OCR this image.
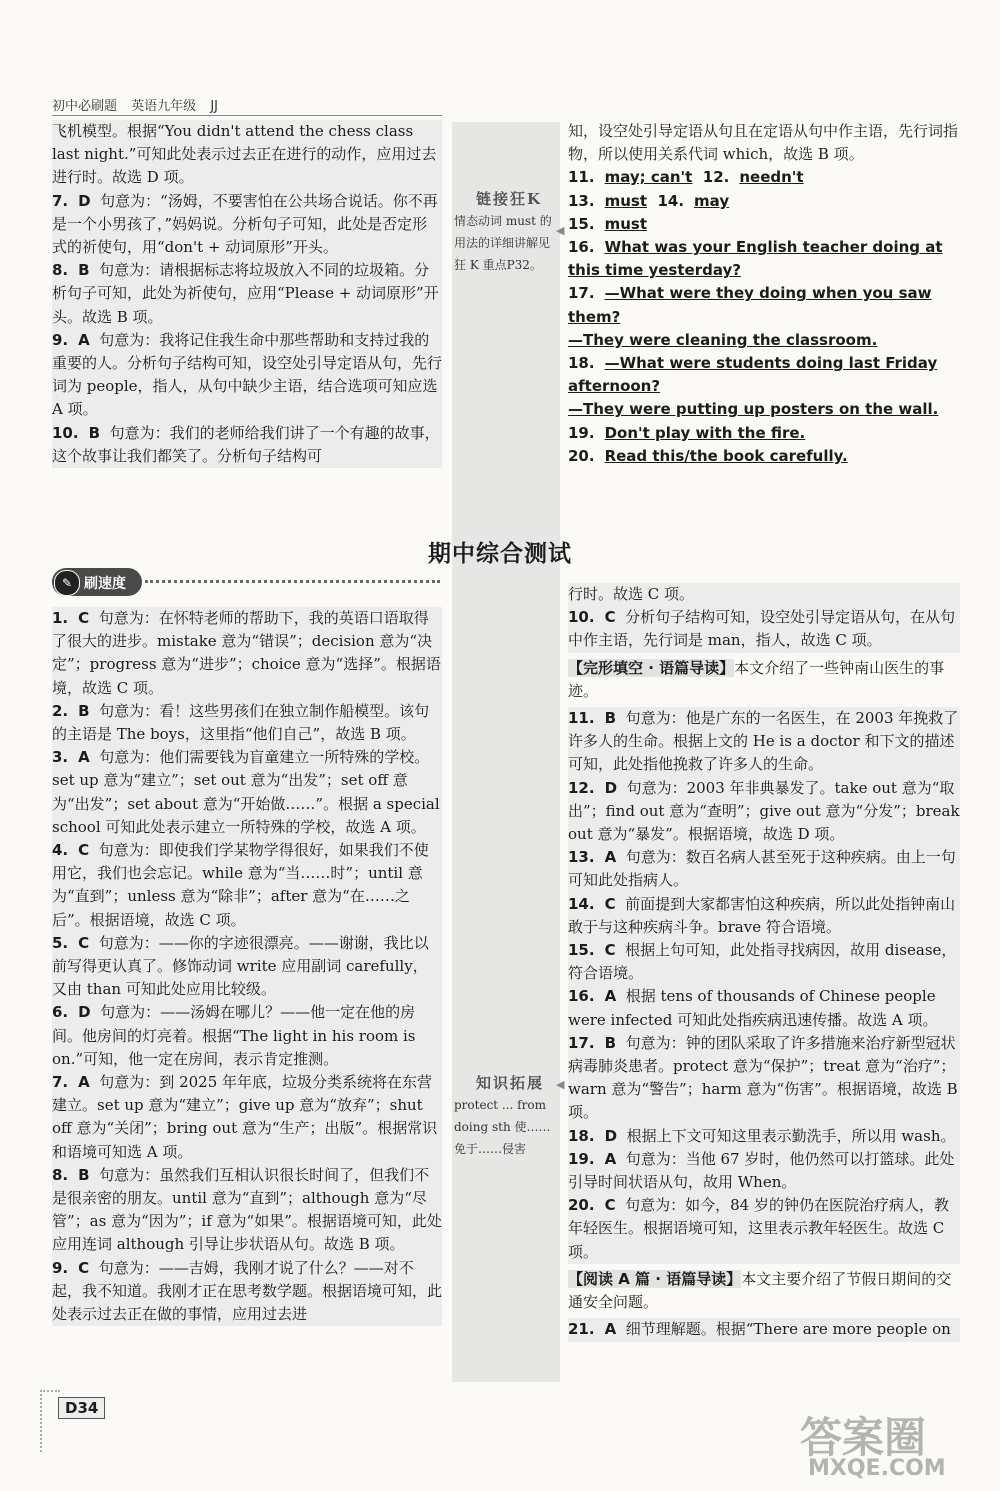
初中必刷题 英语九年级 JJ
链接狂K
情态动词 must 的用法的详细讲解见狂 K 重点P32。
◀
知识拓展
protect ... from doing sth 使……免于……侵害
◀

飞机模型。根据“You didn't attend the chess class last night.”可知此处表示过去正在进行的动作，应用过去进行时。故选 D 项。

7. D 句意为：“汤姆，不要害怕在公共场合说话。你不再是一个小男孩了，”妈妈说。分析句子可知，此处是否定形式的祈使句，用“don't + 动词原形”开头。

8. B 句意为：请根据标志将垃圾放入不同的垃圾箱。分析句子可知，此处为祈使句，应用“Please + 动词原形”开头。故选 B 项。

9. A 句意为：我将记住我生命中那些帮助和支持过我的重要的人。分析句子结构可知，设空处引导定语从句，先行词为 people，指人，从句中缺少主语，结合选项可知应选 A 项。

10. B 句意为：我们的老师给我们讲了一个有趣的故事，这个故事让我们都笑了。分析句子结构可

知，设空处引导定语从句且在定语从句中作主语，先行词指物，所以使用关系代词 which，故选 B 项。

11. may; can't 12. needn't

13. must 14. may

15. must

16. What was your English teacher doing at this time yesterday?

17. —What were they doing when you saw them?

—They were cleaning the classroom.

18. —What were students doing last Friday afternoon?

—They were putting up posters on the wall.

19. Don't play with the fire.

20. Read this/the book carefully.

期中综合测试
✎ 刷速度

1. C 句意为：在怀特老师的帮助下，我的英语口语取得了很大的进步。mistake 意为“错误”；decision 意为“决定”；progress 意为“进步”；choice 意为“选择”。根据语境，故选 C 项。

2. B 句意为：看！这些男孩们在独立制作船模型。该句的主语是 The boys，这里指“他们自己”，故选 B 项。

3. A 句意为：他们需要钱为盲童建立一所特殊的学校。set up 意为“建立”；set out 意为“出发”；set off 意为“出发”；set about 意为“开始做……”。根据 a special school 可知此处表示建立一所特殊的学校，故选 A 项。

4. C 句意为：即使我们学某物学得很好，如果我们不使用它，我们也会忘记。while 意为“当……时”；until 意为“直到”；unless 意为“除非”；after 意为“在……之后”。根据语境，故选 C 项。

5. C 句意为：——你的字迹很漂亮。——谢谢，我比以前写得更认真了。修饰动词 write 应用副词 carefully，又由 than 可知此处应用比较级。

6. D 句意为：——汤姆在哪儿？——他一定在他的房间。他房间的灯亮着。根据“The light in his room is on.”可知，他一定在房间，表示肯定推测。

7. A 句意为：到 2025 年年底，垃圾分类系统将在东营建立。set up 意为“建立”；give up 意为“放弃”；shut off 意为“关闭”；bring out 意为“生产；出版”。根据常识和语境可知选 A 项。

8. B 句意为：虽然我们互相认识很长时间了，但我们不是很亲密的朋友。until 意为“直到”；although 意为“尽管”；as 意为“因为”；if 意为“如果”。根据语境可知，此处应用连词 although 引导让步状语从句。故选 B 项。

9. C 句意为：——吉姆，我刚才说了什么？——对不起，我不知道。我刚才正在思考数学题。根据语境可知，此处表示过去正在做的事情，应用过去进

行时。故选 C 项。

10. C 分析句子结构可知，设空处引导定语从句，在从句中作主语，先行词是 man，指人，故选 C 项。

【完形填空 · 语篇导读】本文介绍了一些钟南山医生的事迹。

11. B 句意为：他是广东的一名医生，在 2003 年挽救了许多人的生命。根据上文的 He is a doctor 和下文的描述可知，此处指他挽救了许多人的生命。

12. D 句意为：2003 年非典暴发了。take out 意为“取出”；find out 意为“查明”；give out 意为“分发”；break out 意为“暴发”。根据语境，故选 D 项。

13. A 句意为：数百名病人甚至死于这种疾病。由上一句可知此处指病人。

14. C 前面提到大家都害怕这种疾病，所以此处指钟南山敢于与这种疾病斗争。brave 符合语境。

15. C 根据上句可知，此处指寻找病因，故用 disease，符合语境。

16. A 根据 tens of thousands of Chinese people were infected 可知此处指疾病迅速传播。故选 A 项。

17. B 句意为：钟的团队采取了许多措施来治疗新型冠状病毒肺炎患者。protect 意为“保护”；treat 意为“治疗”；warn 意为“警告”；harm 意为“伤害”。根据语境，故选 B 项。

18. D 根据上下文可知这里表示勤洗手，所以用 wash。

19. A 句意为：当他 67 岁时，他仍然可以打篮球。此处引导时间状语从句，故用 When。

20. C 句意为：如今，84 岁的钟仍在医院治疗病人，教年轻医生。根据语境可知，这里表示教年轻医生。故选 C 项。

【阅读 A 篇 · 语篇导读】本文主要介绍了节假日期间的交通安全问题。

21. A 细节理解题。根据“There are more people on

D34
答案圈
MXQE.COM
